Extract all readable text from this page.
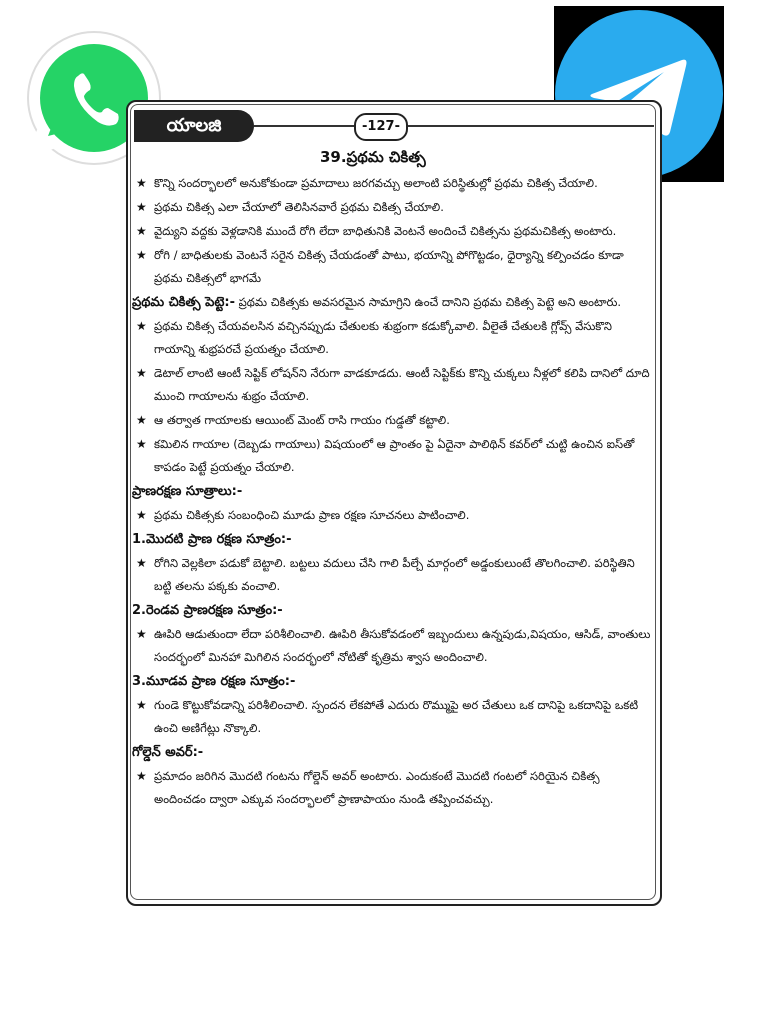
యాలజి	-127-
39.ప్రథమ చికిత్స
★ కొన్ని సందర్భాలలో అనుకోకుండా ప్రమాదాలు జరగవచ్చు అలాంటి పరిస్థితుల్లో ప్రథమ చికిత్స చేయాలి.
★ ప్రథమ చికిత్స ఎలా చేయాలో తెలిసినవారే ప్రథమ చికిత్స చేయాలి.
★ వైద్యుని వద్దకు వెళ్లడానికి ముందే రోగి లేదా బాధితునికి వెంటనే అందించే చికిత్సను ప్రథమచికిత్స అంటారు.
★ రోగి / బాధితులకు వెంటనే సరైన చికిత్స చేయడంతో పాటు, భయాన్ని పోగొట్టడం, ధైర్యాన్ని కల్పించడం కూడా ప్రథమ చికిత్సలో భాగమే
ప్రథమ చికిత్స పెట్టె:- ప్రథమ చికిత్సకు అవసరమైన సామాగ్రిని ఉంచే దానిని ప్రథమ చికిత్స పెట్టె అని అంటారు.
★ ప్రథమ చికిత్స చేయవలసిన వచ్చినప్పుడు చేతులకు శుభ్రంగా కడుక్కోవాలి. వీలైతే చేతులకి గ్లోవ్స్ వేసుకొని గాయాన్ని శుభ్రపరచే ప్రయత్నం చేయాలి.
★ డెటాల్ లాంటి ఆంటీ సెప్టిక్ లోషన్‌ని నేరుగా వాడకూడదు. ఆంటీ సెప్టిక్‌కు కొన్ని చుక్కలు నీళ్లలో కలిపి దానిలో దూది ముంచి గాయాలను శుభ్రం చేయాలి.
★ ఆ తర్వాత గాయాలకు ఆయింట్ మెంట్ రాసి గాయం గుడ్డతో కట్టాలి.
★ కమిలిన గాయాల (దెబ్బడు గాయాలు) విషయంలో ఆ ప్రాంతం పై ఏదైనా పాలిథిన్ కవర్‌లో చుట్టి ఉంచిన ఐస్‌తో కాపడం పెట్టే ప్రయత్నం చేయాలి.
ప్రాణరక్షణ సూత్రాలు:-
★ ప్రథమ చికిత్సకు సంబంధించి మూడు ప్రాణ రక్షణ సూచనలు పాటించాలి.
1.మొదటి ప్రాణ రక్షణ సూత్రం:-
★ రోగిని వెల్లకిలా పడుకో బెట్టాలి. బట్టలు వదులు చేసి గాలి పీల్చే మార్గంలో అడ్డంకులుంటే తొలగించాలి. పరిస్థితిని బట్టి తలను పక్కకు వంచాలి.
2.రెండవ ప్రాణరక్షణ సూత్రం:-
★ ఊపిరి ఆడుతుందా లేదా పరిశీలించాలి. ఊపిరి తీసుకోవడంలో ఇబ్బందులు ఉన్నపుడు,విషయం, ఆసిడ్, వాంతులు సందర్భంలో మినహా మిగిలిన సందర్భంలో నోటితో కృత్రిమ శ్వాస అందించాలి.
3.మూడవ ప్రాణ రక్షణ సూత్రం:-
★ గుండె కొట్టుకోవడాన్ని పరిశీలించాలి. స్పందన లేకపోతే ఎదురు రొమ్ముపై అర చేతులు ఒక దానిపై ఒకదానిపై ఒకటి ఉంచి అణిగేట్లు నొక్కాలి.
గోల్డెన్ అవర్:-
★ ప్రమాదం జరిగిన మొదటి గంటను గోల్డెన్ అవర్ అంటారు. ఎందుకంటే మొదటి గంటలో సరియైన చికిత్స అందించడం ద్వారా ఎక్కువ సందర్భాలలో ప్రాణాపాయం నుండి తప్పించవచ్చు.
